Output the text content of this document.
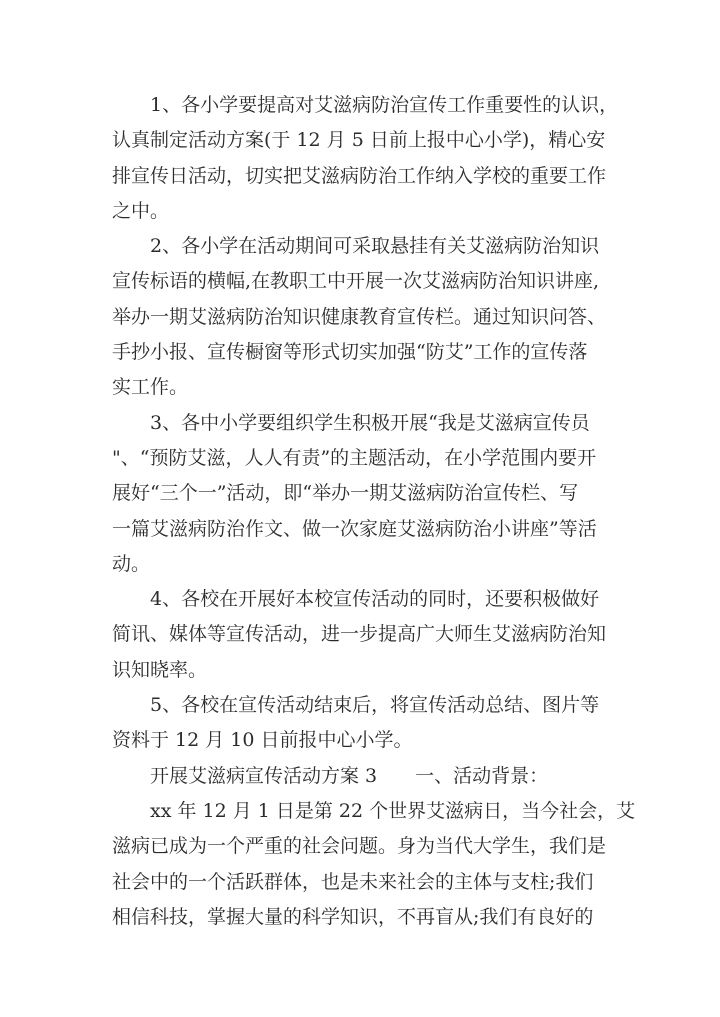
1、各小学要提高对艾滋病防治宣传工作重要性的认识，
认真制定活动方案(于 12 月 5 日前上报中心小学)，精心安
排宣传日活动，切实把艾滋病防治工作纳入学校的重要工作
之中。
2、各小学在活动期间可采取悬挂有关艾滋病防治知识
宣传标语的横幅,在教职工中开展一次艾滋病防治知识讲座,
举办一期艾滋病防治知识健康教育宣传栏。通过知识问答、
手抄小报、宣传橱窗等形式切实加强“防艾”工作的宣传落
实工作。
3、各中小学要组织学生积极开展“我是艾滋病宣传员
"、“预防艾滋，人人有责”的主题活动，在小学范围内要开
展好“三个一”活动，即“举办一期艾滋病防治宣传栏、写
一篇艾滋病防治作文、做一次家庭艾滋病防治小讲座”等活
动。
4、各校在开展好本校宣传活动的同时，还要积极做好
简讯、媒体等宣传活动，进一步提高广大师生艾滋病防治知
识知晓率。
5、各校在宣传活动结束后，将宣传活动总结、图片等
资料于 12 月 10 日前报中心小学。
开展艾滋病宣传活动方案 3　　一、活动背景：
xx 年 12 月 1 日是第 22 个世界艾滋病日，当今社会，艾
滋病已成为一个严重的社会问题。身为当代大学生，我们是
社会中的一个活跃群体，也是未来社会的主体与支柱;我们
相信科技，掌握大量的科学知识，不再盲从;我们有良好的
